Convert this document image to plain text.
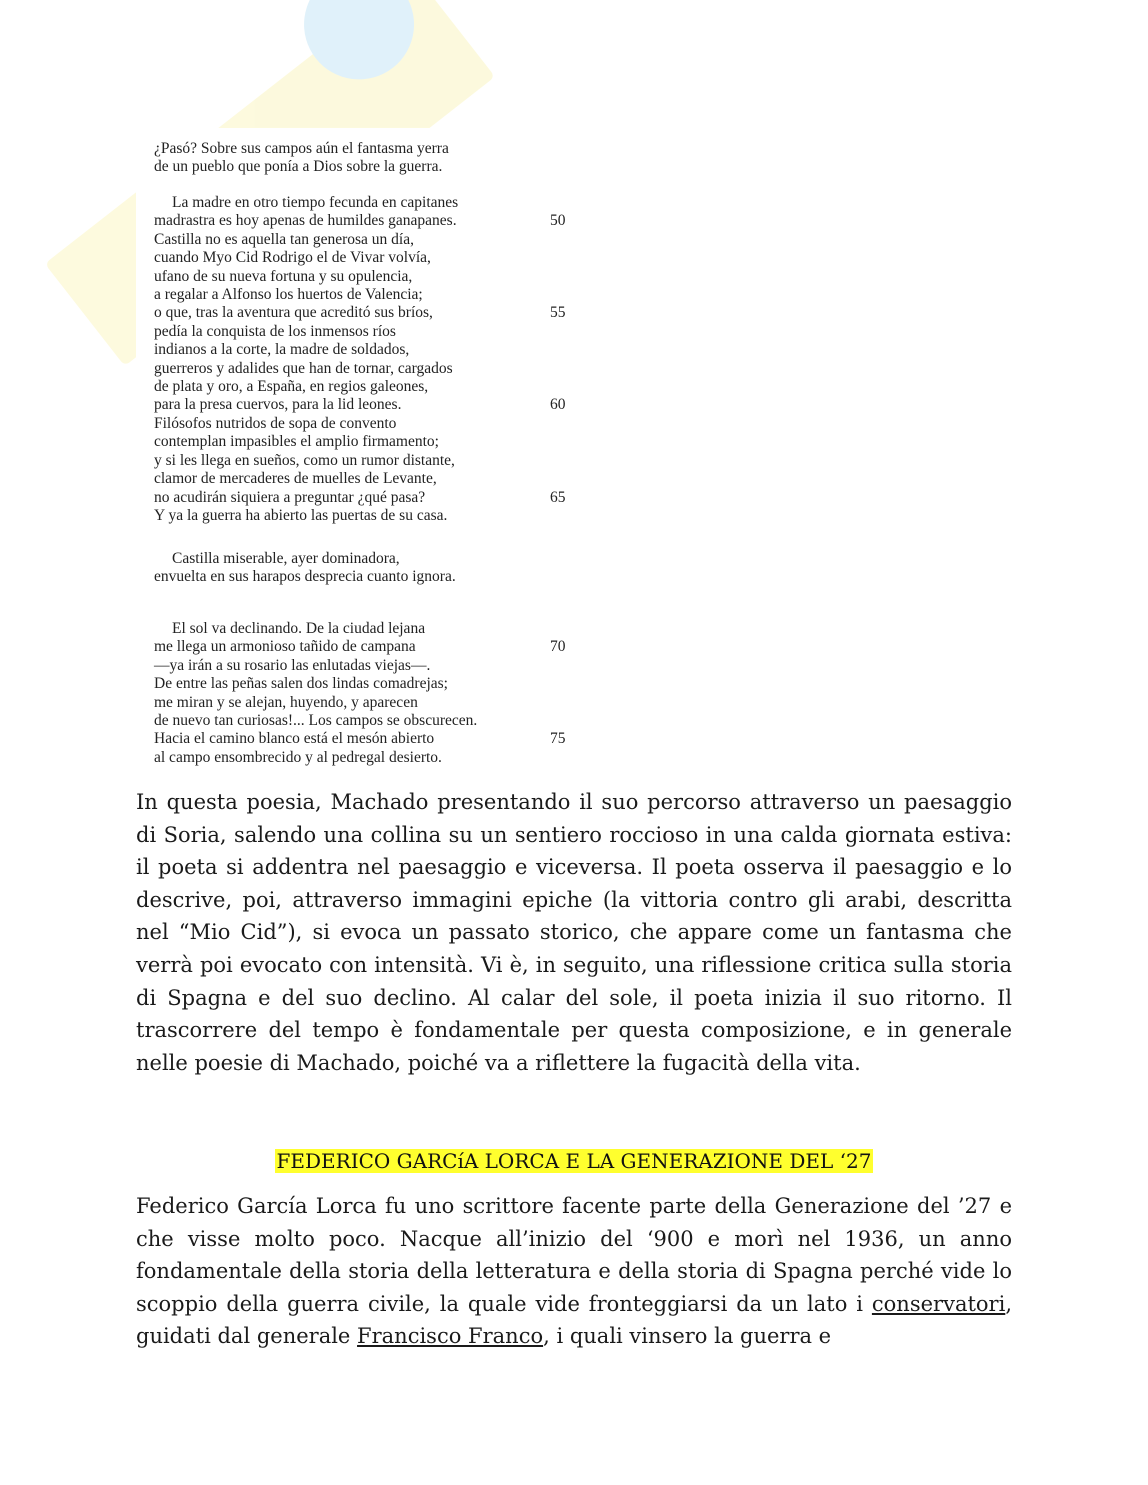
¿Pasó? Sobre sus campos aún el fantasma yerra
de un pueblo que ponía a Dios sobre la guerra.
La madre en otro tiempo fecunda en capitanes
madrastra es hoy apenas de humildes ganapanes.	50
Castilla no es aquella tan generosa un día,
cuando Myo Cid Rodrigo el de Vivar volvía,
ufano de su nueva fortuna y su opulencia,
a regalar a Alfonso los huertos de Valencia;
o que, tras la aventura que acreditó sus bríos,	55
pedía la conquista de los inmensos ríos
indianos a la corte, la madre de soldados,
guerreros y adalides que han de tornar, cargados
de plata y oro, a España, en regios galeones,
para la presa cuervos, para la lid leones.	60
Filósofos nutridos de sopa de convento
contemplan impasibles el amplio firmamento;
y si les llega en sueños, como un rumor distante,
clamor de mercaderes de muelles de Levante,
no acudirán siquiera a preguntar ¿qué pasa?	65
Y ya la guerra ha abierto las puertas de su casa.
Castilla miserable, ayer dominadora,
envuelta en sus harapos desprecia cuanto ignora.
El sol va declinando. De la ciudad lejana
me llega un armonioso tañido de campana	70
—ya irán a su rosario las enlutadas viejas—.
De entre las peñas salen dos lindas comadrejas;
me miran y se alejan, huyendo, y aparecen
de nuevo tan curiosas!... Los campos se obscurecen.
Hacia el camino blanco está el mesón abierto	75
al campo ensombrecido y al pedregal desierto.
In questa poesia, Machado presentando il suo percorso attraverso un paesaggio di Soria, salendo una collina su un sentiero roccioso in una calda giornata estiva: il poeta si addentra nel paesaggio e viceversa. Il poeta osserva il paesaggio e lo descrive, poi, attraverso immagini epiche (la vittoria contro gli arabi, descritta nel “Mio Cid”), si evoca un passato storico, che appare come un fantasma che verrà poi evocato con intensità. Vi è, in seguito, una riflessione critica sulla storia di Spagna e del suo declino. Al calar del sole, il poeta inizia il suo ritorno. Il trascorrere del tempo è fondamentale per questa composizione, e in generale nelle poesie di Machado, poiché va a riflettere la fugacità della vita.
FEDERICO GARCíA LORCA E LA GENERAZIONE DEL ‘27
Federico García Lorca fu uno scrittore facente parte della Generazione del ’27 e che visse molto poco. Nacque all’inizio del ‘900 e morì nel 1936, un anno fondamentale della storia della letteratura e della storia di Spagna perché vide lo scoppio della guerra civile, la quale vide fronteggiarsi da un lato i conservatori, guidati dal generale Francisco Franco, i quali vinsero la guerra e
